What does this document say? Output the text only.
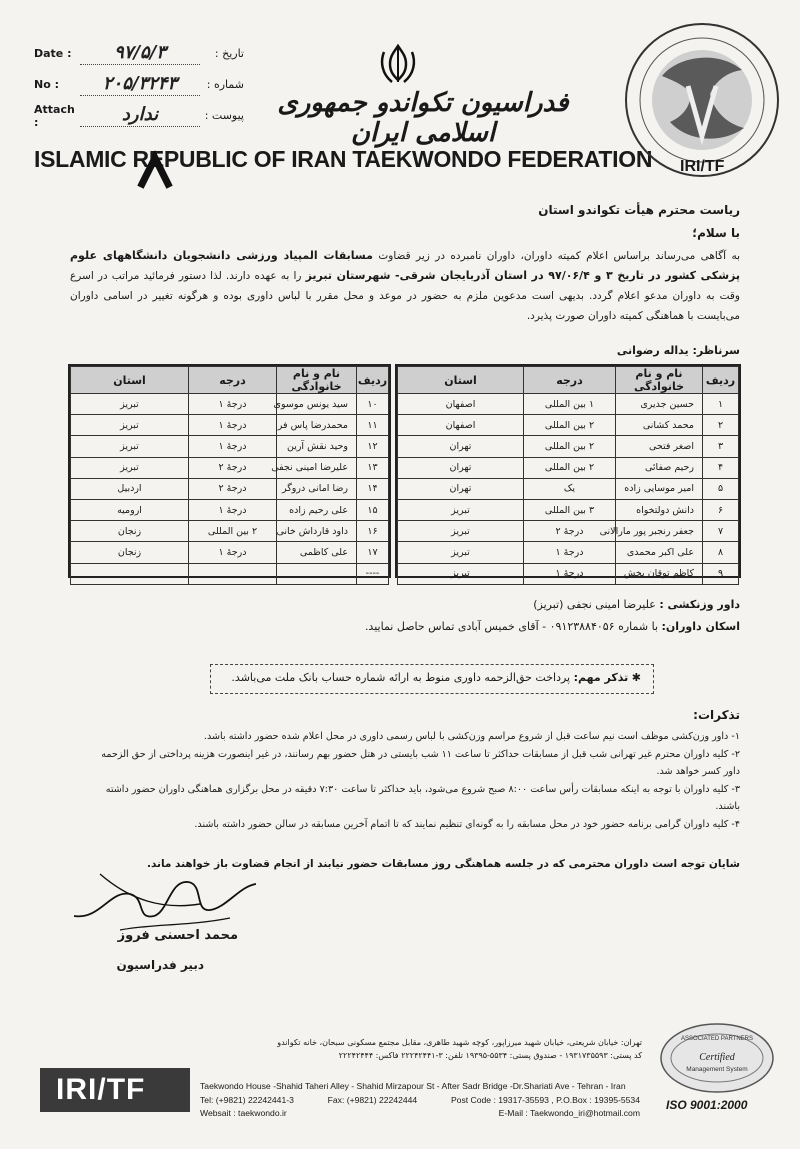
Date :	۹۷/۵/۳	تاریخ :
No :	۲۰۵/۳۲۴۳	شماره :
Attach :	ندارد	پیوست :	فدراسیون تکواندو جمهوری اسلامی ایران
ISLAMIC REPUBLIC OF IRAN TAEKWONDO FEDERATION IRI/TF
ریاست محترم هیأت تکواندو استان
با سلام؛
به آگاهی می‌رساند براساس اعلام کمیته داوران، داوران نامبرده در زیر قضاوت مسابقات المپیاد ورزشی دانشجویان دانشگاههای علوم پزشکی کشور در تاریخ ۳ و ۹۷/۰۶/۴ در استان آذربایجان شرقی- شهرستان تبریز را به عهده دارند. لذا دستور فرمائید مراتب در اسرع وقت به داوران مدعو اعلام گردد. بدیهی است مدعوین ملزم به حضور در موعد و محل مقرر با لباس داوری بوده و هرگونه تغییر در اسامی داوران می‌بایست با هماهنگی کمیته داوران صورت پذیرد.
سرناظر: یداله رضوانی
ردیف	نام و نام خانوادگی	درجه	استان
۱	حسین جدیری	۱ بین المللی	اصفهان
۲	محمد کشانی	۲ بین المللی	اصفهان
۳	اصغر فتحی	۲ بین المللی	تهران
۴	رحیم صفائی	۲ بین المللی	تهران
۵	امیر موسایی زاده	یک	تهران
۶	دانش دولتخواه	۳ بین المللی	تبریز
۷	جعفر رنجبر پور مارالانی	درجۀ ۲	تبریز
۸	علی اکبر محمدی	درجۀ ۱	تبریز
۹	کاظم توقان بخش	درجۀ ۱	تبریز
ردیف	نام و نام خانوادگی	درجه	استان
۱۰	سید یونس موسوی	درجۀ ۱	تبریز
۱۱	محمدرضا پاس فر	درجۀ ۱	تبریز
۱۲	وحید نقش آرین	درجۀ ۱	تبریز
۱۳	علیرضا امینی نجفی	درجۀ ۲	تبریز
۱۴	رضا امانی دروگر	درجۀ ۲	اردبیل
۱۵	علی رحیم زاده	درجۀ ۱	ارومیه
۱۶	داود قارداش خانی	۲ بین المللی	زنجان
۱۷	علی کاظمی	درجۀ ۱	زنجان
----			
داور وزنکشی : علیرضا امینی نجفی (تبریز)
اسکان داوران: با شماره ۰۹۱۲۳۸۸۴۰۵۶ - آقای خمیس آبادی تماس حاصل نمایید.
✱ تذکر مهم: پرداخت حق‌الزحمه داوری منوط به ارائه شماره حساب بانک ملت می‌باشد.
تذکرات:
۱- داور وزن‌کشی موظف است نیم ساعت قبل از شروع مراسم وزن‌کشی با لباس رسمی داوری در محل اعلام شده حضور داشته باشد.
۲- کلیه داوران محترم غیر تهرانی شب قبل از مسابقات حداکثر تا ساعت ۱۱ شب بایستی در هتل حضور بهم رسانند، در غیر اینصورت هزینه پرداختی از حق الزحمه داور کسر خواهد شد.
۳- کلیه داوران با توجه به اینکه مسابقات رأس ساعت ۸:۰۰ صبح شروع می‌شود، باید حداکثر تا ساعت ۷:۳۰ دقیقه در محل برگزاری هماهنگی داوران حضور داشته باشند.
۴- کلیه داوران گرامی برنامه حضور خود در محل مسابقه را به گونه‌ای تنظیم نمایند که تا اتمام آخرین مسابقه در سالن حضور داشته باشند.
شایان توجه است داوران محترمی که در جلسه هماهنگی روز مسابقات حضور نیابند از انجام قضاوت باز خواهند ماند.
محمد احسنی فروز
دبیر فدراسیون
IRI/TF
تهران: خیابان شریعتی، خیابان شهید میرزاپور، کوچه شهید طاهری، مقابل مجتمع مسکونی سبحان، خانه تکواندو
کد پستی: ۱۹۳۱۷۳۵۵۹۳ - صندوق پستی: ۵۵۳۴-۱۹۳۹۵ تلفن: ۳-۲۲۲۴۲۴۴۱ فاکس: ۲۲۲۴۲۴۴۴
Taekwondo House -Shahid Taheri Alley - Shahid Mirzapour St - After Sadr Bridge -Dr.Shariati Ave - Tehran - Iran
Tel: (+9821) 22242441-3	Fax: (+9821) 22242444	Post Code : 19317-35593 , P.O.Box : 19395-5534
Websait : taekwondo.ir	E-Mail : Taekwondo_iri@hotmail.com
ASSOCIATED PARTNERS
Certified
Management System
ISO 9001:2000
